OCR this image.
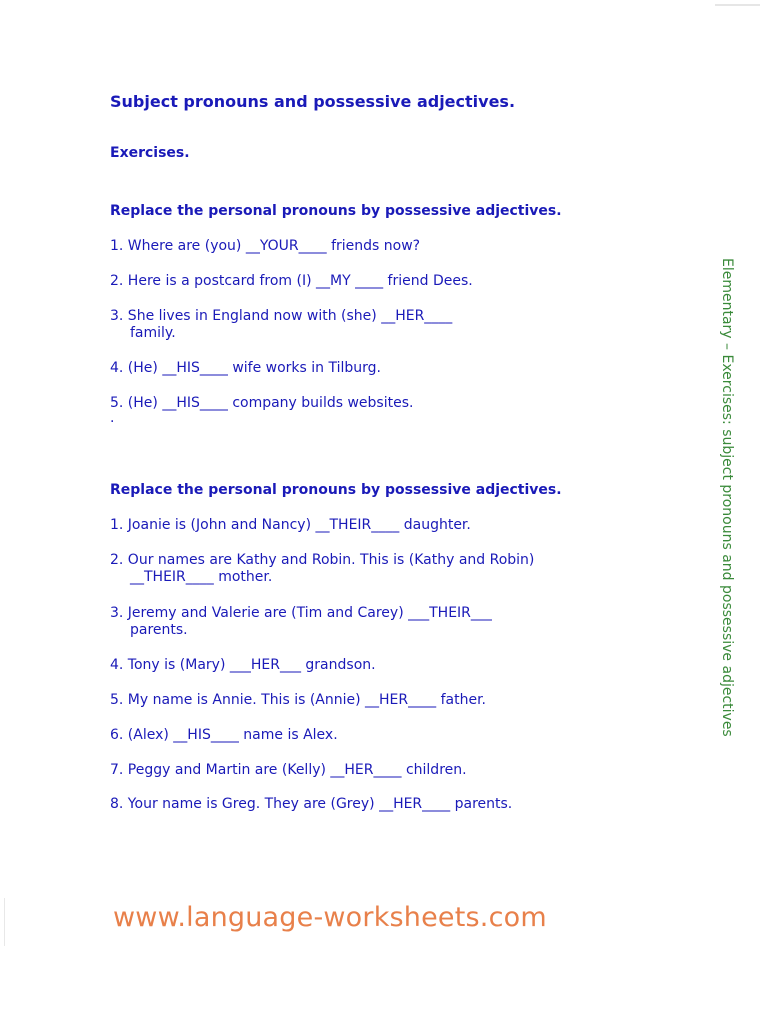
Subject pronouns and possessive adjectives.
Exercises.
Replace the personal pronouns by possessive adjectives.
1. Where are (you) __YOUR____ friends now?
2. Here is a postcard from (I) __MY ____ friend Dees.
3. She lives in England now with (she) __HER____
family.
4. (He) __HIS____ wife works in Tilburg.
5. (He) __HIS____ company builds websites.
.
Replace the personal pronouns by possessive adjectives.
1. Joanie is (John and Nancy) __THEIR____ daughter.
2. Our names are Kathy and Robin. This is (Kathy and Robin)
__THEIR____ mother.
3. Jeremy and Valerie are (Tim and Carey) ___THEIR___
parents.
4. Tony is (Mary) ___HER___ grandson.
5. My name is Annie. This is (Annie) __HER____ father.
6. (Alex) __HIS____ name is Alex.
7. Peggy and Martin are (Kelly) __HER____ children.
8. Your name is Greg. They are (Grey) __HER____ parents.
Elementary – Exercises: subject pronouns and possessive adjectives
www.language-worksheets.com
